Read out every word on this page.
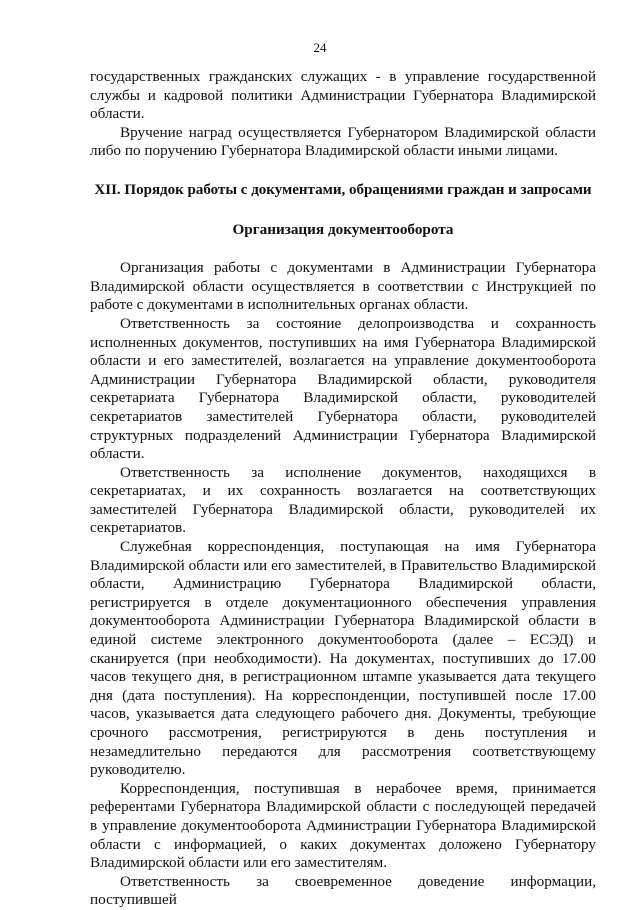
24

государственных гражданских служащих - в управление государственной службы и кадровой политики Администрации Губернатора Владимирской области.

Вручение наград осуществляется Губернатором Владимирской области либо по поручению Губернатора Владимирской области иными лицами.

XII. Порядок работы с документами, обращениями граждан и запросами
Организация документооборота

Организация работы с документами в Администрации Губернатора Владимирской области осуществляется в соответствии с Инструкцией по работе с документами в исполнительных органах области.

Ответственность за состояние делопроизводства и сохранность исполненных документов, поступивших на имя Губернатора Владимирской области и его заместителей, возлагается на управление документооборота Администрации Губернатора Владимирской области, руководителя секретариата Губернатора Владимирской области, руководителей секретариатов заместителей Губернатора области, руководителей структурных подразделений Администрации Губернатора Владимирской области.

Ответственность за исполнение документов, находящихся в секретариатах, и их сохранность возлагается на соответствующих заместителей Губернатора Владимирской области, руководителей их секретариатов.

Служебная корреспонденция, поступающая на имя Губернатора Владимирской области или его заместителей, в Правительство Владимирской области, Администрацию Губернатора Владимирской области, регистрируется в отделе документационного обеспечения управления документооборота Администрации Губернатора Владимирской области в единой системе электронного документооборота (далее – ЕСЭД) и сканируется (при необходимости). На документах, поступивших до 17.00 часов текущего дня, в регистрационном штампе указывается дата текущего дня (дата поступления). На корреспонденции, поступившей после 17.00 часов, указывается дата следующего рабочего дня. Документы, требующие срочного рассмотрения, регистрируются в день поступления и незамедлительно передаются для рассмотрения соответствующему руководителю.

Корреспонденция, поступившая в нерабочее время, принимается референтами Губернатора Владимирской области с последующей передачей в управление документооборота Администрации Губернатора Владимирской области с информацией, о каких документах доложено Губернатору Владимирской области или его заместителям.

Ответственность за своевременное доведение информации, поступившей
